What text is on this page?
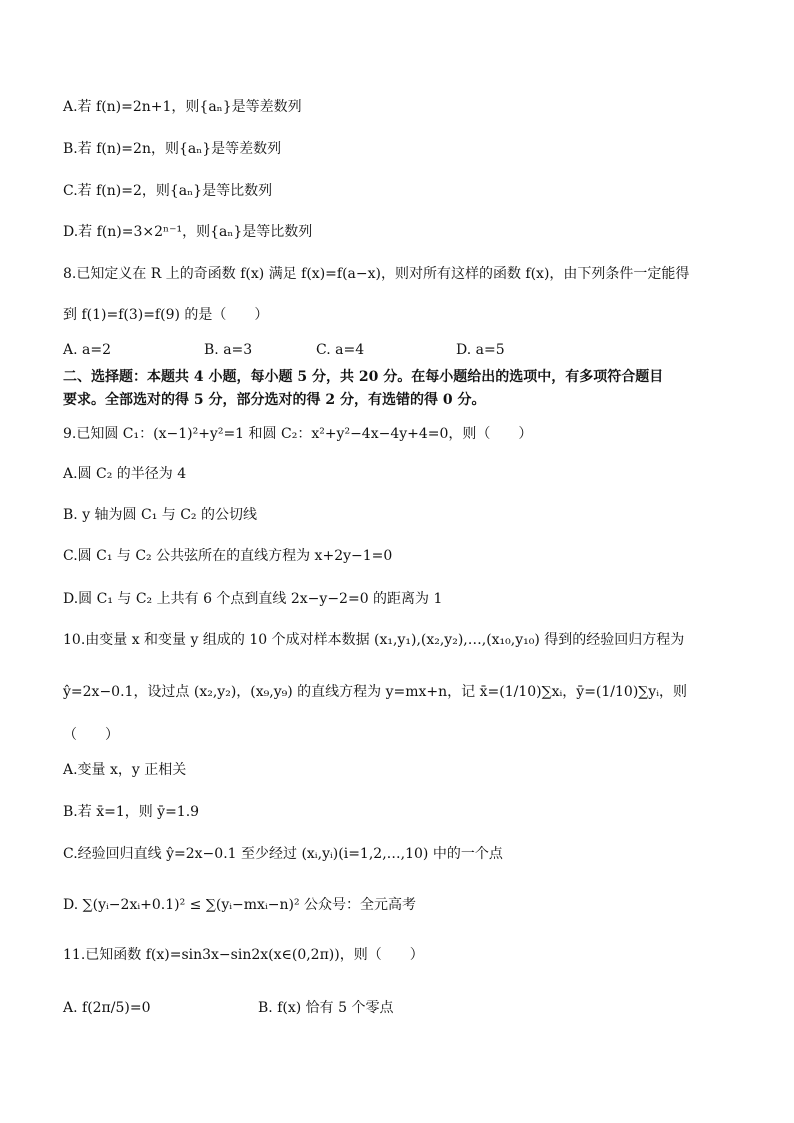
A.若 f(n)=2n+1，则{aₙ}是等差数列
B.若 f(n)=2n，则{aₙ}是等差数列
C.若 f(n)=2，则{aₙ}是等比数列
D.若 f(n)=3×2ⁿ⁻¹，则{aₙ}是等比数列
8.已知定义在 R 上的奇函数 f(x) 满足 f(x)=f(a−x)，则对所有这样的函数 f(x)，由下列条件一定能得
到 f(1)=f(3)=f(9) 的是（　　）
A. a=2	B. a=3	C. a=4	D. a=5
二、选择题：本题共 4 小题，每小题 5 分，共 20 分。在每小题给出的选项中，有多项符合题目
要求。全部选对的得 5 分，部分选对的得 2 分，有选错的得 0 分。
9.已知圆 C₁：(x−1)²+y²=1 和圆 C₂：x²+y²−4x−4y+4=0，则（　　）
A.圆 C₂ 的半径为 4
B. y 轴为圆 C₁ 与 C₂ 的公切线
C.圆 C₁ 与 C₂ 公共弦所在的直线方程为 x+2y−1=0
D.圆 C₁ 与 C₂ 上共有 6 个点到直线 2x−y−2=0 的距离为 1
10.由变量 x 和变量 y 组成的 10 个成对样本数据 (x₁,y₁),(x₂,y₂),…,(x₁₀,y₁₀) 得到的经验回归方程为
ŷ=2x−0.1，设过点 (x₂,y₂)，(x₉,y₉) 的直线方程为 y=mx+n，记 x̄=(1/10)∑xᵢ，ȳ=(1/10)∑yᵢ，则
（　　）
A.变量 x，y 正相关
B.若 x̄=1，则 ȳ=1.9
C.经验回归直线 ŷ=2x−0.1 至少经过 (xᵢ,yᵢ)(i=1,2,…,10) 中的一个点
D. ∑(yᵢ−2xᵢ+0.1)² ≤ ∑(yᵢ−mxᵢ−n)² 公众号：全元高考
11.已知函数 f(x)=sin3x−sin2x(x∈(0,2π))，则（　　）
A. f(2π/5)=0	B. f(x) 恰有 5 个零点
